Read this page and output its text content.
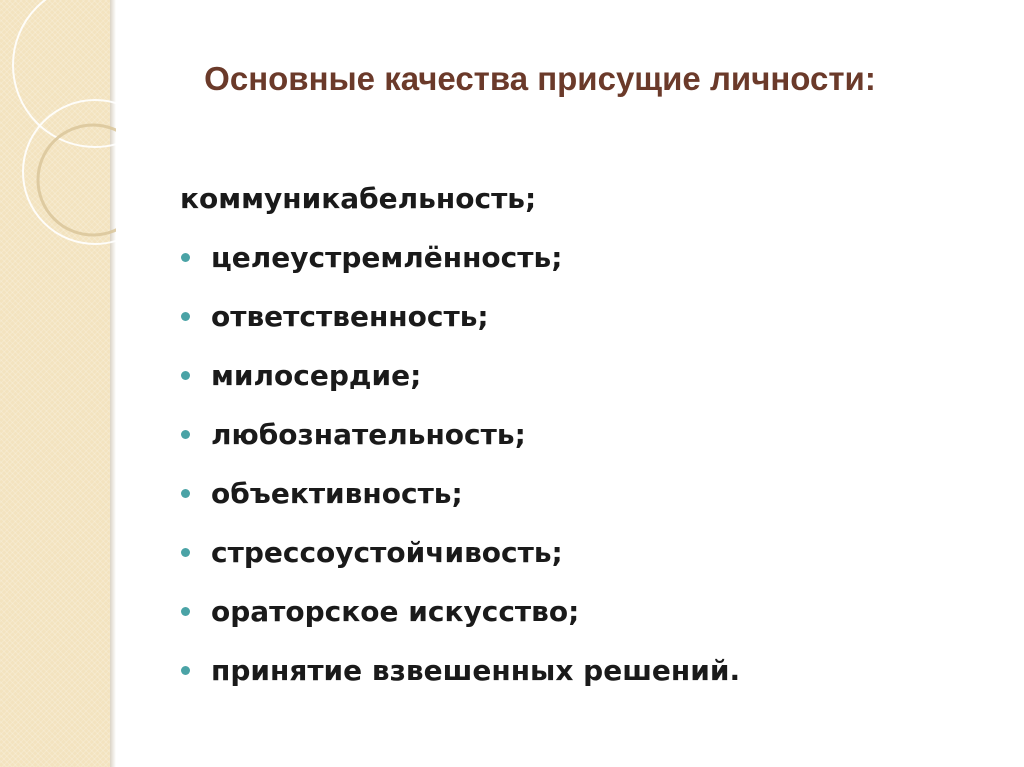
Основные качества присущие личности:
коммуникабельность;
целеустремлённость;
ответственность;
милосердие;
любознательность;
объективность;
стрессоустойчивость;
ораторское искусство;
принятие взвешенных решений.
